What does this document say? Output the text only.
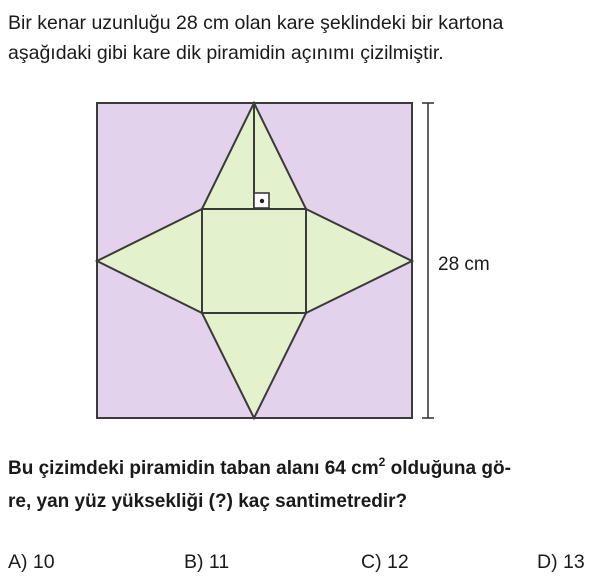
Bir kenar uzunluğu 28 cm olan kare şeklindeki bir kartona
aşağıdaki gibi kare dik piramidin açınımı çizilmiştir.
28 cm
Bu çizimdeki piramidin taban alanı 64 $cm^2$ olduğuna gö-
re, yan yüz yüksekliği (?) kaç santimetredir?
A) 10	B) 11	C) 12	D) 13
